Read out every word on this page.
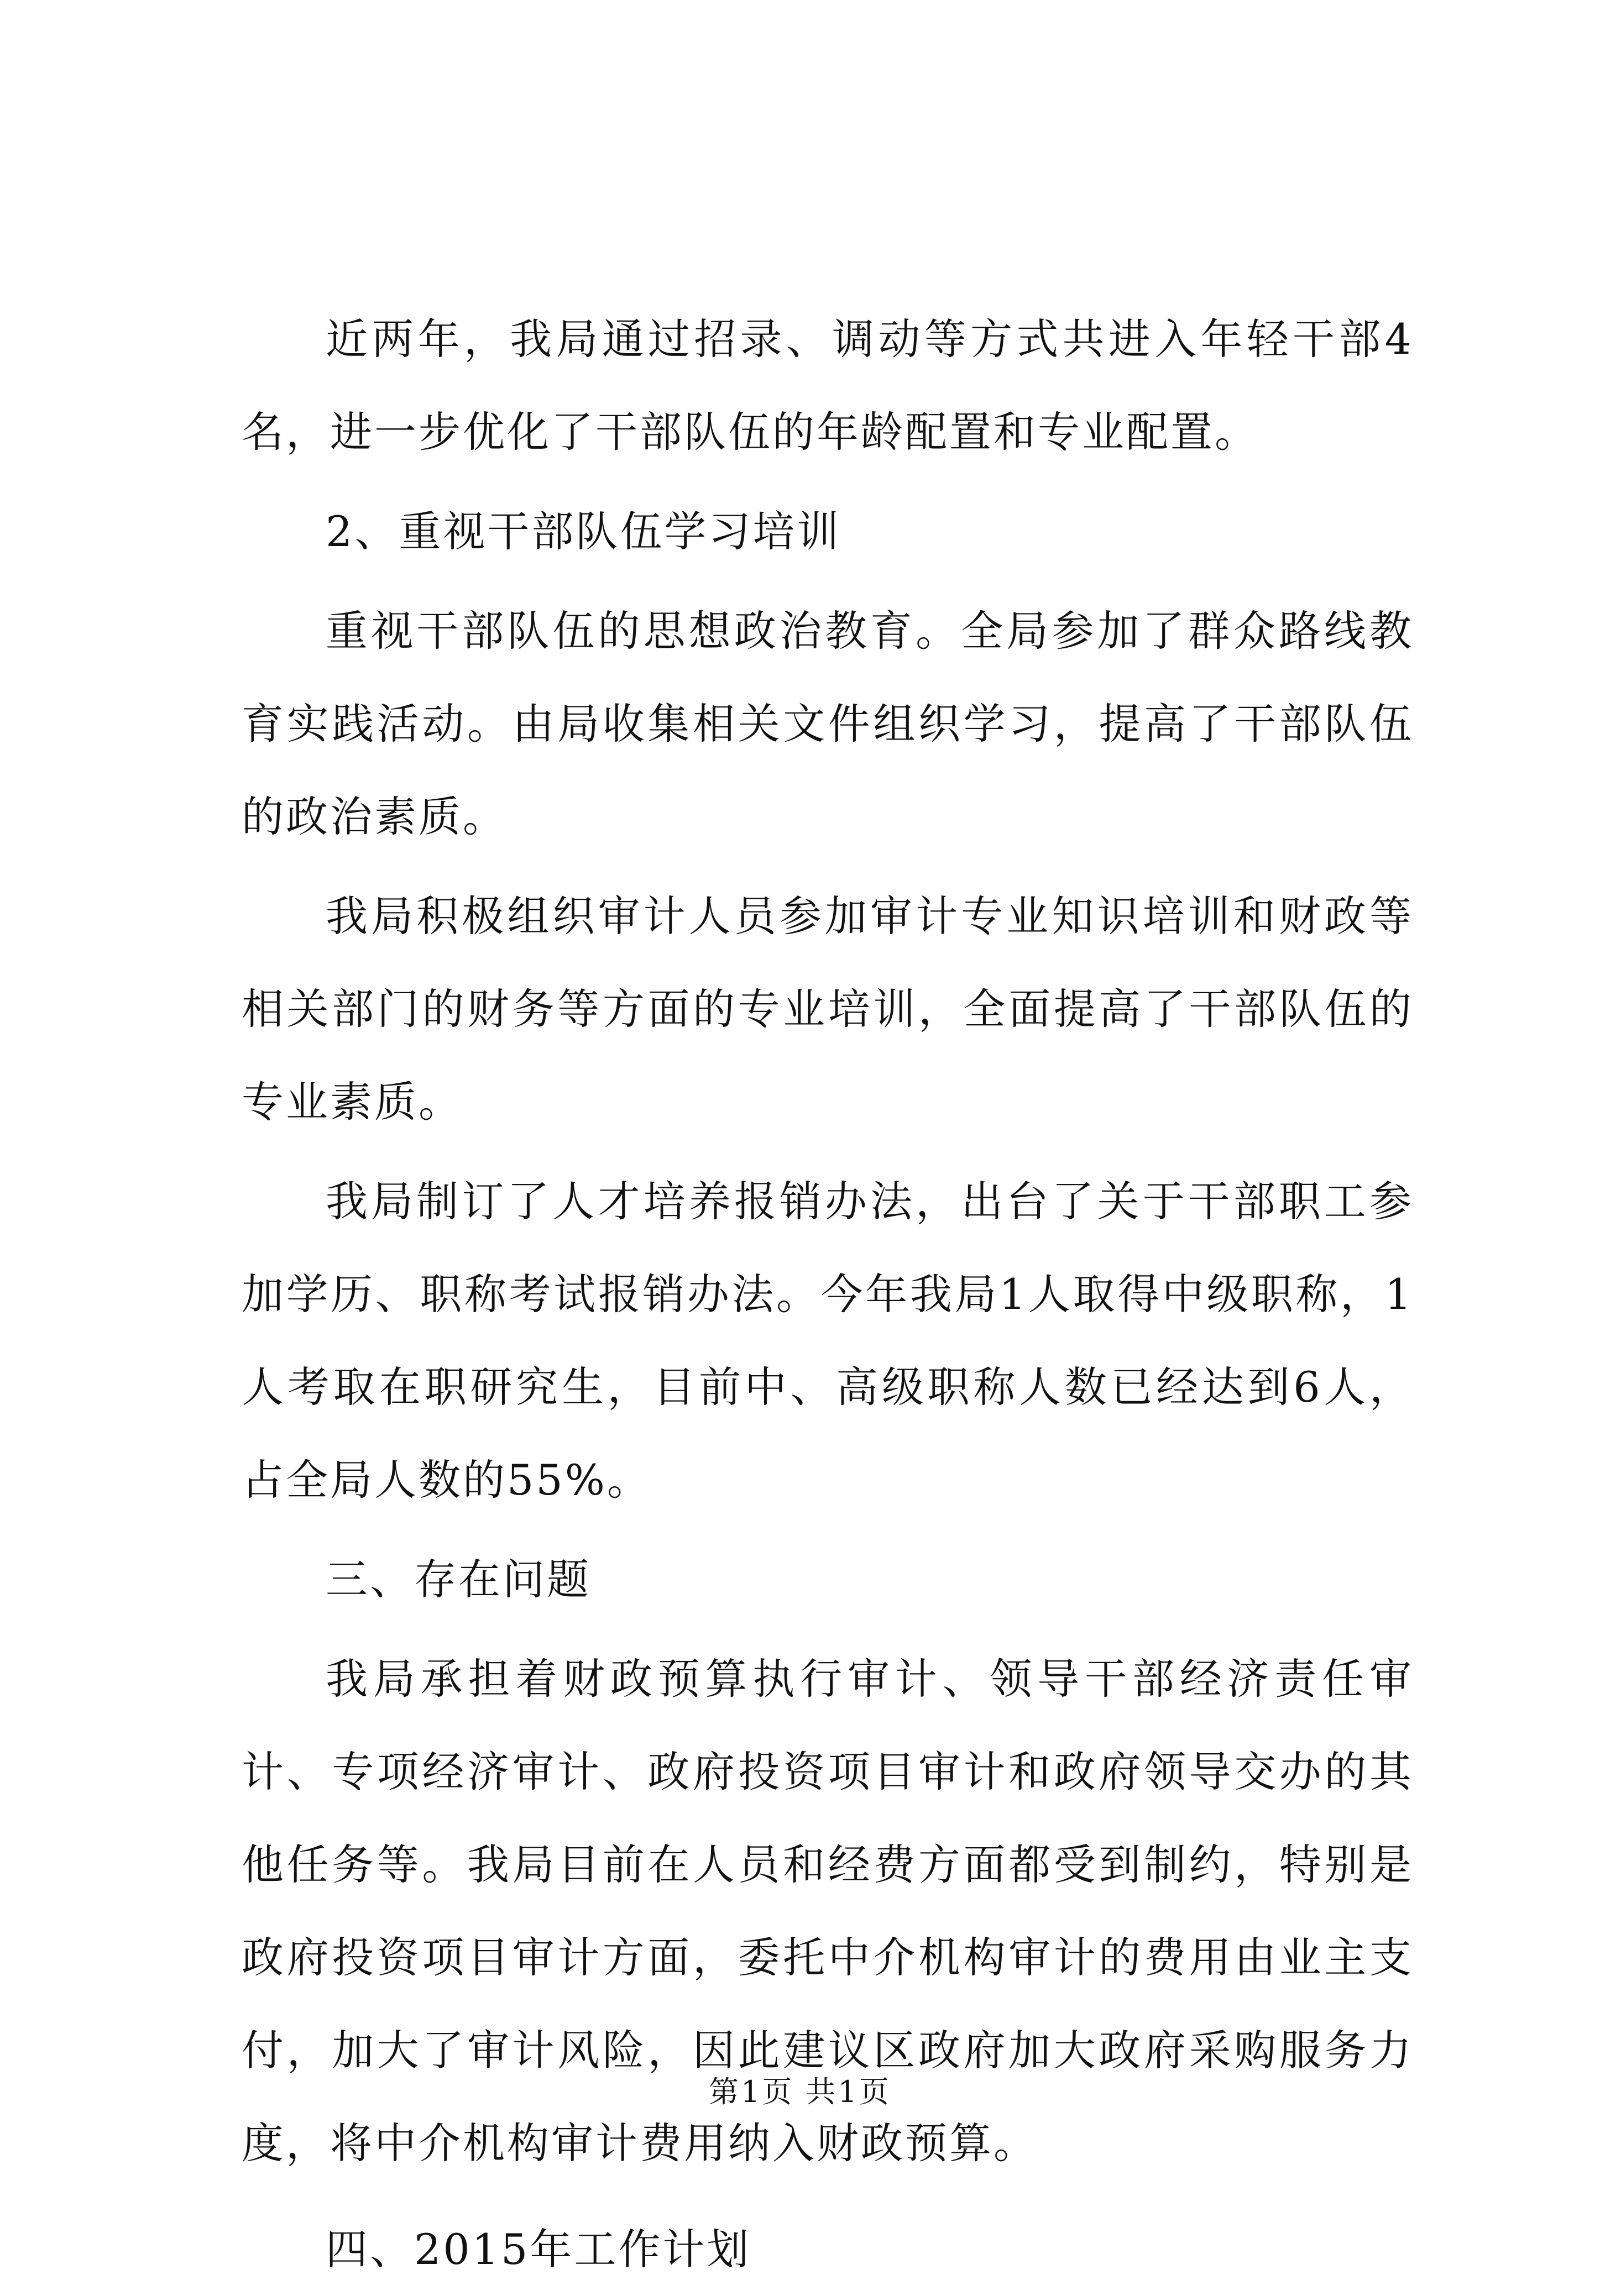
近两年，我局通过招录、调动等方式共进入年轻干部4名，进一步优化了干部队伍的年龄配置和专业配置。

2、重视干部队伍学习培训

重视干部队伍的思想政治教育。全局参加了群众路线教育实践活动。由局收集相关文件组织学习，提高了干部队伍的政治素质。

我局积极组织审计人员参加审计专业知识培训和财政等相关部门的财务等方面的专业培训，全面提高了干部队伍的专业素质。

我局制订了人才培养报销办法，出台了关于干部职工参加学历、职称考试报销办法。今年我局1人取得中级职称，1人考取在职研究生，目前中、高级职称人数已经达到6人，占全局人数的55%。

三、存在问题

我局承担着财政预算执行审计、领导干部经济责任审计、专项经济审计、政府投资项目审计和政府领导交办的其他任务等。我局目前在人员和经费方面都受到制约，特别是政府投资项目审计方面，委托中介机构审计的费用由业主支付，加大了审计风险，因此建议区政府加大政府采购服务力度，将中介机构审计费用纳入财政预算。

四、2015年工作计划

第1页 共1页
